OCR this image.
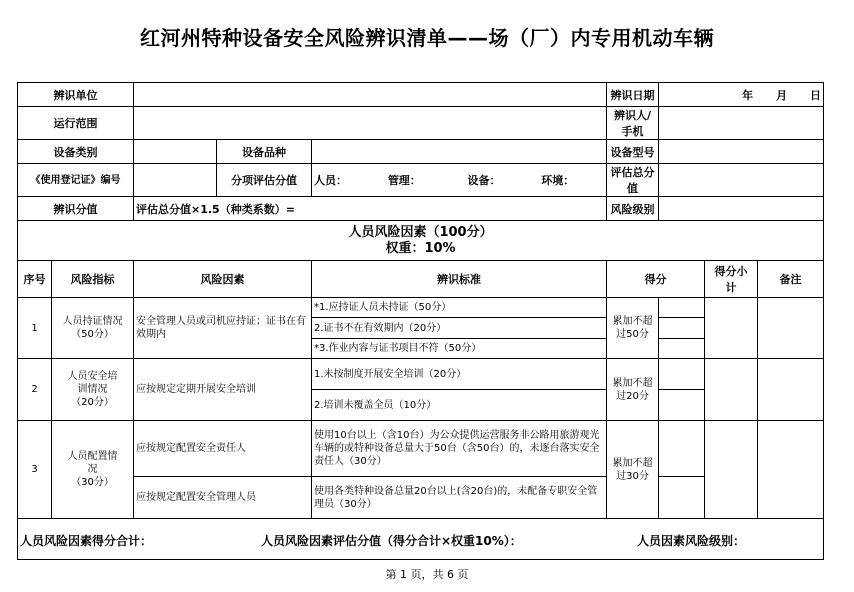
红河州特种设备安全风险辨识清单——场（厂）内专用机动车辆
辨识单位					辨识日期	年 月 日		
运行范围					辨识人/手机			
设备类别			设备品种		设备型号			
《使用登记证》编号			分项评估分值	人员： 管理： 设备： 环境：	评估总分值			
辨识分值		评估总分值×1.5（种类系数）=			风险级别			

人员风险因素（100分）
权重：10%								

序号	风险指标	风险因素		辨识标准	得分		得分小计	备注
1	人员持证情况
（50分）	安全管理人员或司机应持证；证书在有效期内		*1.应持证人员未持证（50分）	累加不超过50分			
				2.证书不在有效期内（20分）				
				*3.作业内容与证书项目不符（50分）				
2	人员安全培训情况
（20分）	应按规定定期开展安全培训		1.未按制度开展安全培训（20分）	累加不超过20分			
				2.培训未覆盖全员（10分）				
3	人员配置情况
（30分）	应按规定配置安全责任人		使用10台以上（含10台）为公众提供运营服务非公路用旅游观光车辆的或特种设备总量大于50台（含50台）的，未逐台落实安全责任人（30分）	累加不超过30分			
		应按规定配置安全管理人员		使用各类特种设备总量20台以上(含20台)的，未配备专职安全管理员（30分）				

人员风险因素得分合计： 人员风险因素评估分值（得分合计×权重10%）： 人员因素风险级别：								
第 1 页，共 6 页
